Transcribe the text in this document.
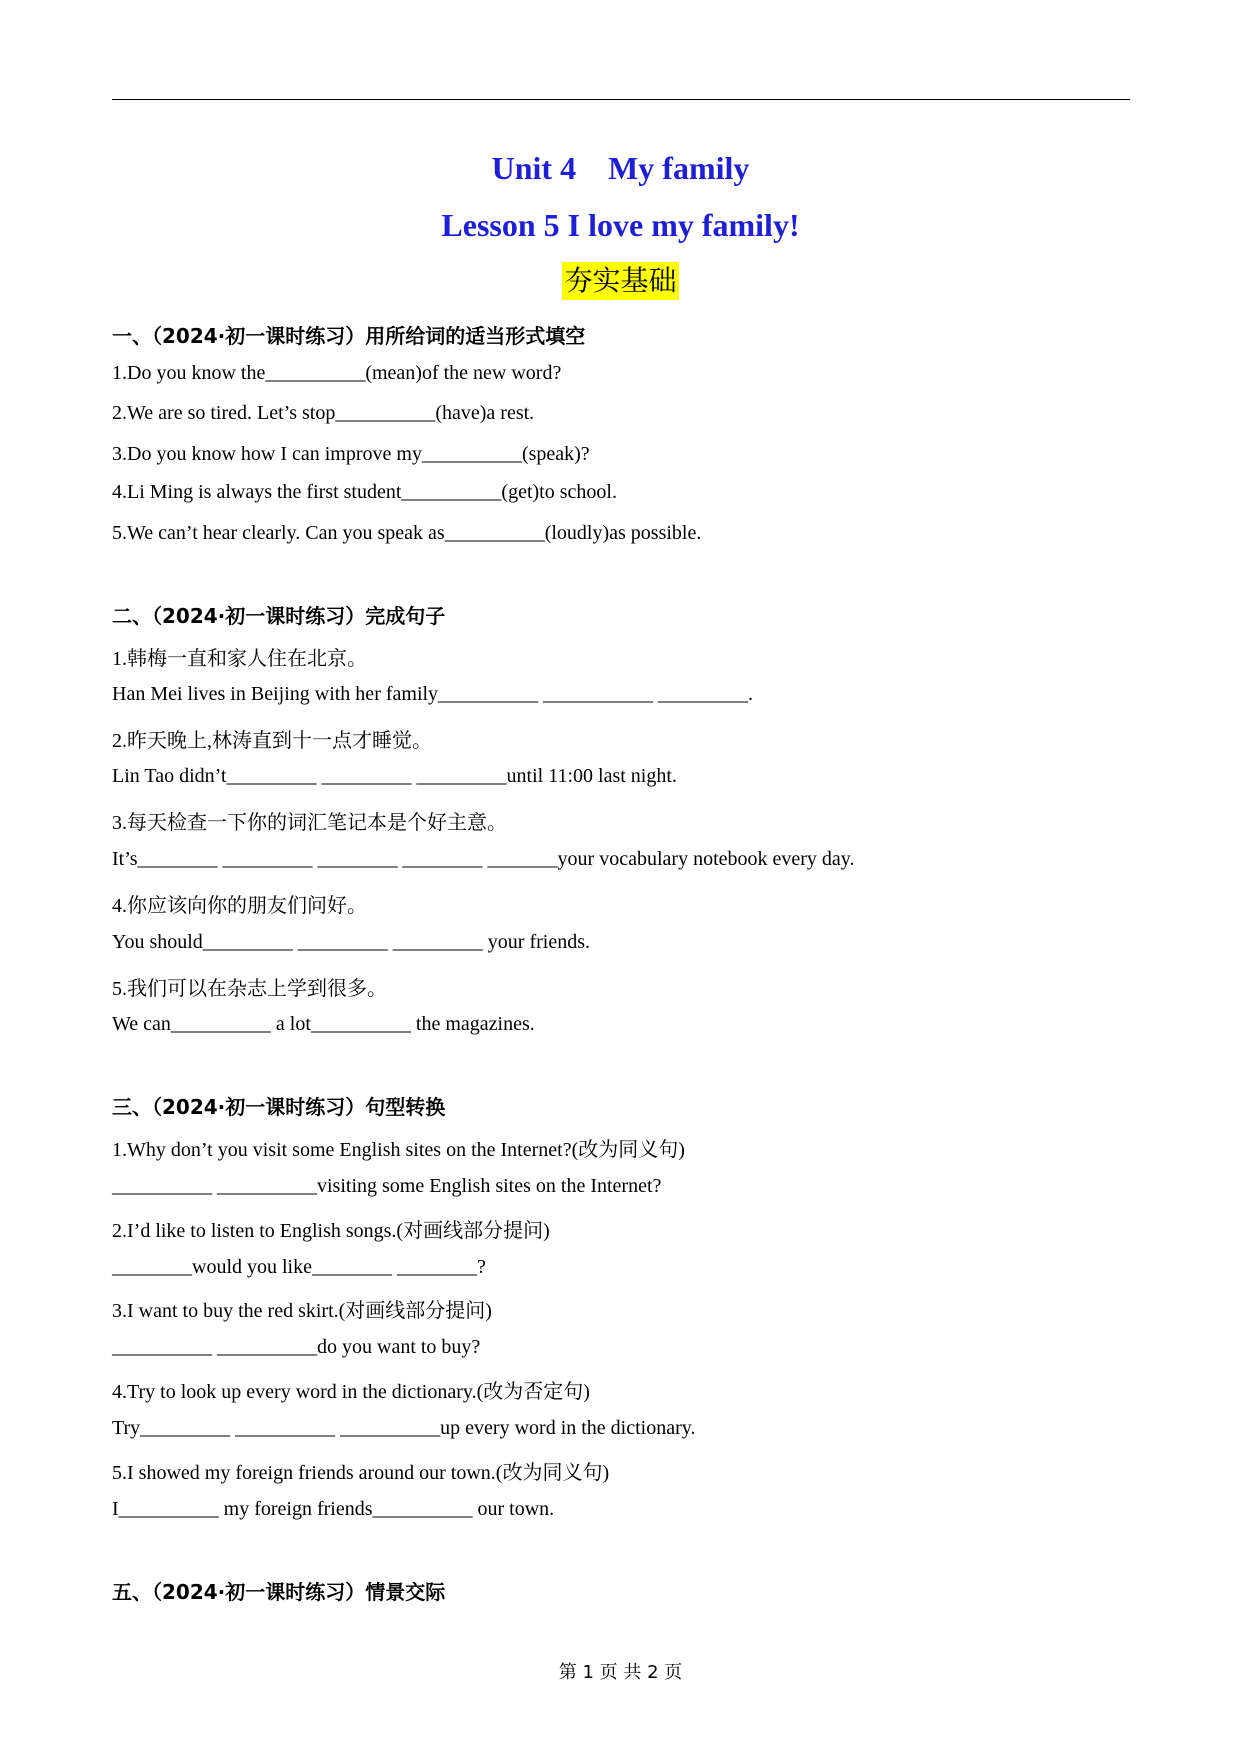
Unit 4    My family
Lesson 5 I love my family!
夯实基础
一、（2024·初一课时练习）用所给词的适当形式填空
1.Do you know the__________(mean)of the new word?
2.We are so tired. Let’s stop__________(have)a rest.
3.Do you know how I can improve my__________(speak)?
4.Li Ming is always the first student__________(get)to school.
5.We can’t hear clearly. Can you speak as__________(loudly)as possible.
二、（2024·初一课时练习）完成句子
1.韩梅一直和家人住在北京。
Han Mei lives in Beijing with her family__________ ___________ _________.
2.昨天晚上,林涛直到十一点才睡觉。
Lin Tao didn’t_________ _________ _________until 11:00 last night.
3.每天检查一下你的词汇笔记本是个好主意。
It’s________ _________ ________ ________ _______your vocabulary notebook every day.
4.你应该向你的朋友们问好。
You should_________ _________ _________ your friends.
5.我们可以在杂志上学到很多。
We can__________ a lot__________ the magazines.
三、（2024·初一课时练习）句型转换
1.Why don’t you visit some English sites on the Internet?(改为同义句)
__________ __________visiting some English sites on the Internet?
2.I’d like to listen to English songs.(对画线部分提问)
________would you like________ ________?
3.I want to buy the red skirt.(对画线部分提问)
__________ __________do you want to buy?
4.Try to look up every word in the dictionary.(改为否定句)
Try_________ __________ __________up every word in the dictionary.
5.I showed my foreign friends around our town.(改为同义句)
I__________ my foreign friends__________ our town.
五、（2024·初一课时练习）情景交际
第 1 页 共 2 页
